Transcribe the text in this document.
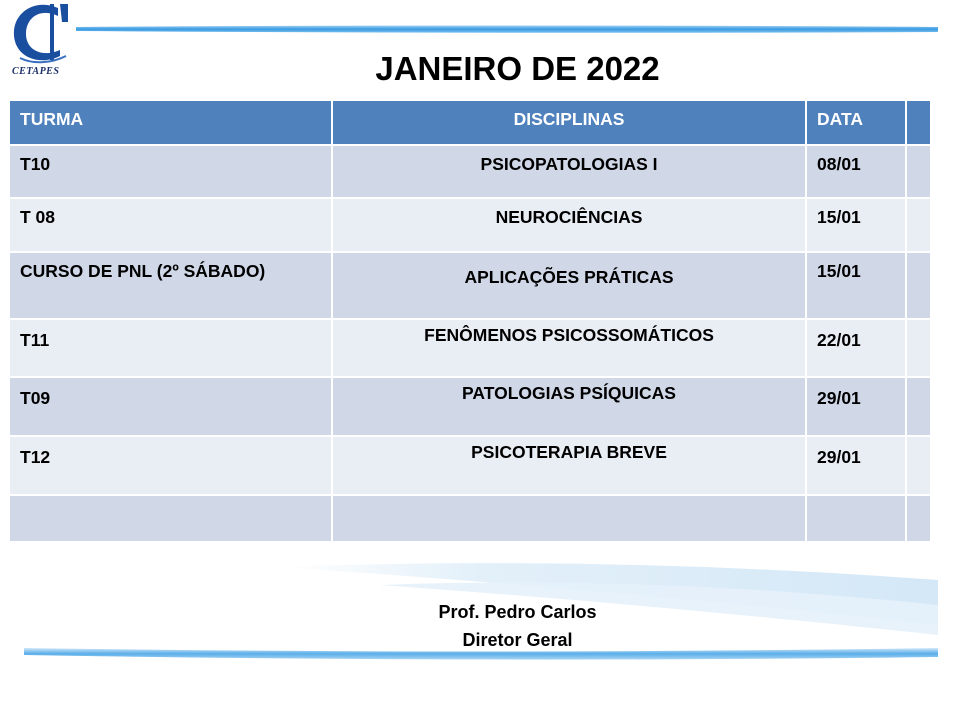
CETAPES	JANEIRO DE 2022
TURMA	DISCIPLINAS	DATA	
T10	PSICOPATOLOGIAS I	08/01	
T 08	NEUROCIÊNCIAS	15/01	
CURSO DE PNL (2º SÁBADO)	APLICAÇÕES PRÁTICAS	15/01	
T11	FENÔMENOS PSICOSSOMÁTICOS	22/01	
T09	PATOLOGIAS PSÍQUICAS	29/01	
T12	PSICOTERAPIA BREVE	29/01	

Prof. Pedro Carlos
Diretor Geral
